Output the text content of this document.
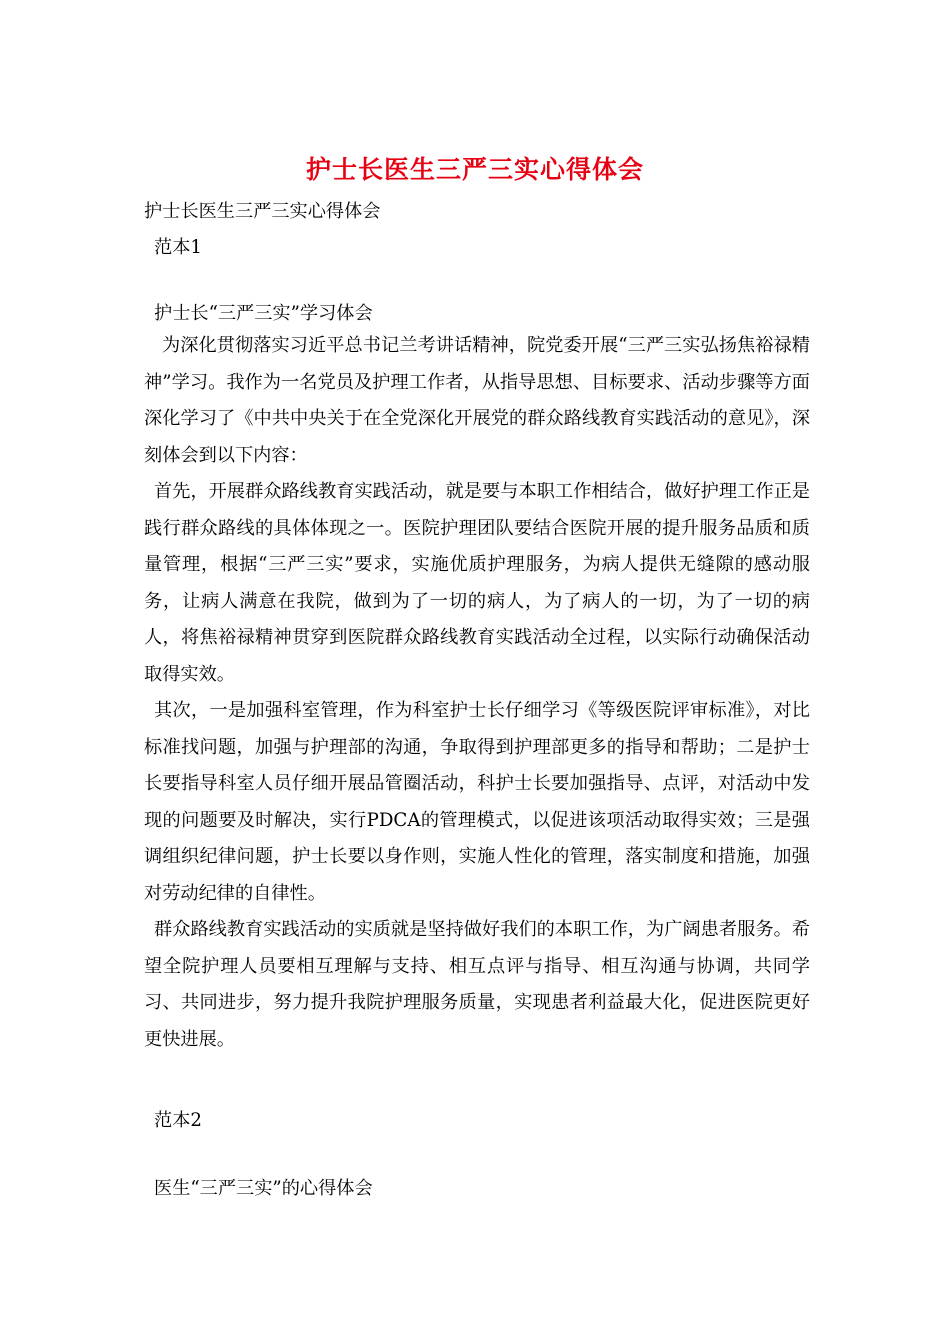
护士长医生三严三实心得体会
护士长医生三严三实心得体会
范本1
护士长“三严三实”学习体会

为深化贯彻落实习近平总书记兰考讲话精神，院党委开展“三严三实弘扬焦裕禄精神”学习。我作为一名党员及护理工作者，从指导思想、目标要求、活动步骤等方面深化学习了《中共中央关于在全党深化开展党的群众路线教育实践活动的意见》，深刻体会到以下内容：

首先，开展群众路线教育实践活动，就是要与本职工作相结合，做好护理工作正是践行群众路线的具体体现之一。医院护理团队要结合医院开展的提升服务品质和质量管理，根据“三严三实”要求，实施优质护理服务，为病人提供无缝隙的感动服务，让病人满意在我院，做到为了一切的病人，为了病人的一切，为了一切的病人，将焦裕禄精神贯穿到医院群众路线教育实践活动全过程，以实际行动确保活动取得实效。

其次，一是加强科室管理，作为科室护士长仔细学习《等级医院评审标准》，对比标准找问题，加强与护理部的沟通，争取得到护理部更多的指导和帮助；二是护士长要指导科室人员仔细开展品管圈活动，科护士长要加强指导、点评，对活动中发现的问题要及时解决，实行PDCA的管理模式，以促进该项活动取得实效；三是强调组织纪律问题，护士长要以身作则，实施人性化的管理，落实制度和措施，加强对劳动纪律的自律性。

群众路线教育实践活动的实质就是坚持做好我们的本职工作，为广阔患者服务。希望全院护理人员要相互理解与支持、相互点评与指导、相互沟通与协调，共同学习、共同进步，努力提升我院护理服务质量，实现患者利益最大化，促进医院更好更快进展。

范本2
医生“三严三实”的心得体会
